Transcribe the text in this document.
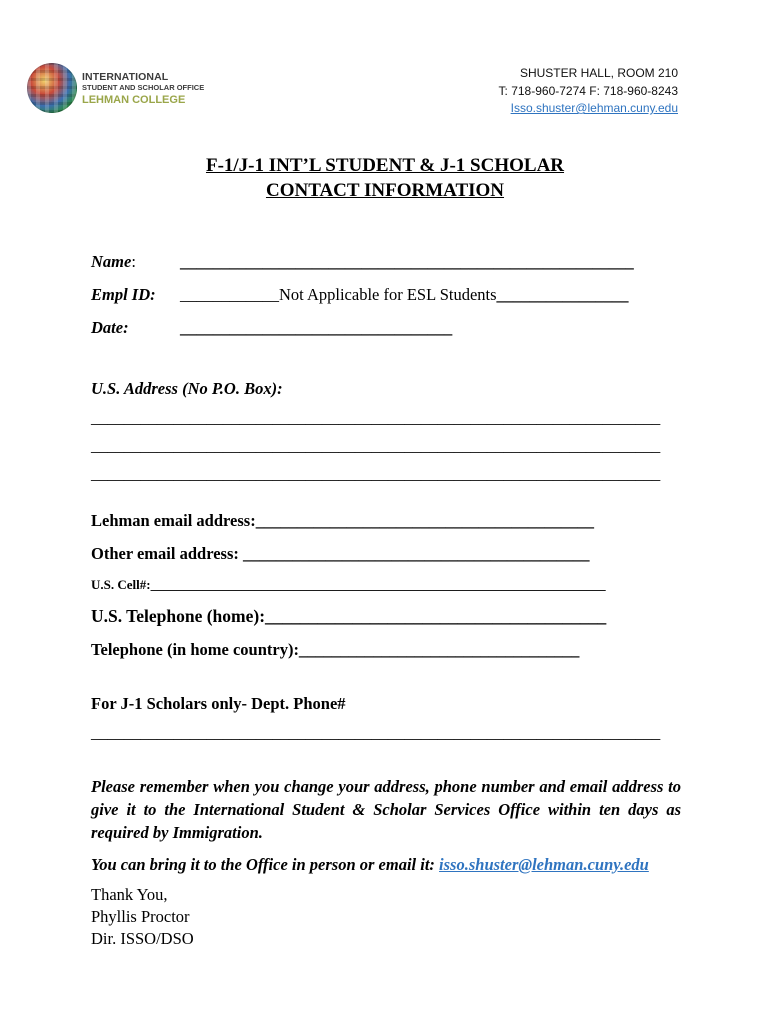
INTERNATIONAL
STUDENT AND SCHOLAR OFFICE
LEHMAN COLLEGE
SHUSTER HALL, ROOM 210
T: 718-960-7274 F: 718-960-8243
Isso.shuster@lehman.cuny.edu
F-1/J-1 INT’L STUDENT & J-1 SCHOLAR
CONTACT INFORMATION
Name:	_______________________________________________________
Empl ID: ____________Not Applicable for ESL Students________________
Date:	_________________________________
U.S. Address (No P.O. Box):
_____________________________________________________________________
_____________________________________________________________________
_____________________________________________________________________
Lehman email address:_________________________________________
Other email address: __________________________________________
U.S. Cell#:______________________________________________________________________
U.S. Telephone (home):_______________________________________
Telephone (in home country):__________________________________
For J-1 Scholars only- Dept. Phone#
_____________________________________________________________________
Please remember when you change your address, phone number and email address to give it to the International Student & Scholar Services Office within ten days as required by Immigration.
You can bring it to the Office in person or email it: isso.shuster@lehman.cuny.edu
Thank You,
Phyllis Proctor
Dir. ISSO/DSO
